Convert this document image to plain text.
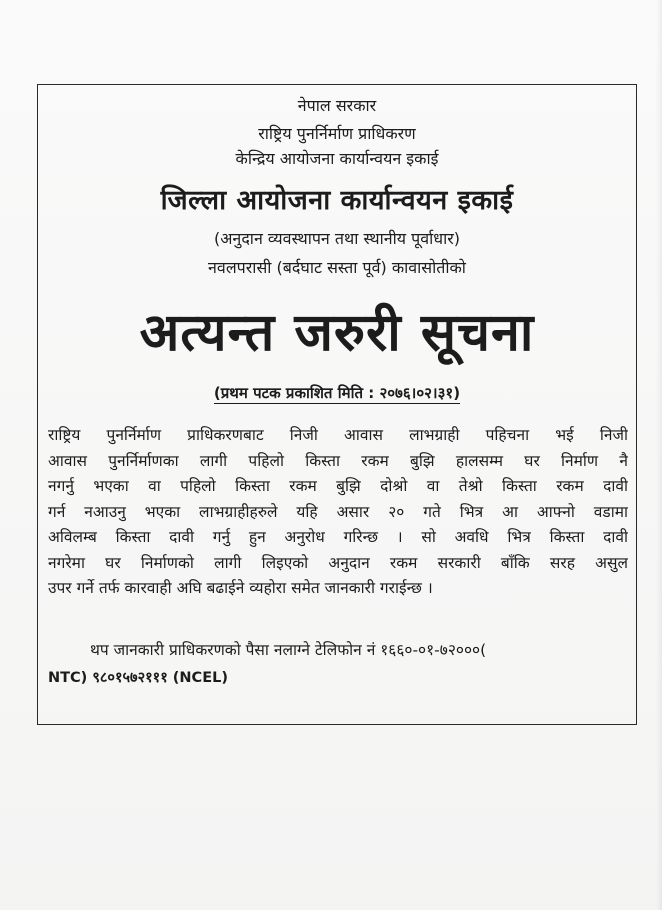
नेपाल सरकार
राष्ट्रिय पुनर्निर्माण प्राधिकरण
केन्द्रिय आयोजना कार्यान्वयन इकाई
जिल्ला आयोजना कार्यान्वयन इकाई
(अनुदान व्यवस्थापन तथा स्थानीय पूर्वाधार)
नवलपरासी (बर्दघाट सस्ता पूर्व) कावासोतीको
अत्यन्त जरुरी सूचना
(प्रथम पटक प्रकाशित मिति : २०७६।०२।३१)
राष्ट्रिय पुनर्निर्माण प्राधिकरणबाट निजी आवास लाभग्राही पहिचना भई निजी
आवास पुनर्निर्माणका लागी पहिलो किस्ता रकम बुझि हालसम्म घर निर्माण नै
नगर्नु भएका वा पहिलो किस्ता रकम बुझि दोश्रो वा तेश्रो किस्ता रकम दावी
गर्न नआउनु भएका लाभग्राहीहरुले यहि असार २० गते भित्र आ आफ्नो वडामा
अविलम्ब किस्ता दावी गर्नु हुन अनुरोध गरिन्छ । सो अवधि भित्र किस्ता दावी
नगरेमा घर निर्माणको लागी लिइएको अनुदान रकम सरकारी बाँकि सरह असुल
उपर गर्ने तर्फ कारवाही अघि बढाईने व्यहोरा समेत जानकारी गराईन्छ ।
थप जानकारी प्राधिकरणको पैसा नलाग्ने टेलिफोन नं १६६०-०१-७२०००(
NTC) ९८०१५७२१११ (NCEL)
